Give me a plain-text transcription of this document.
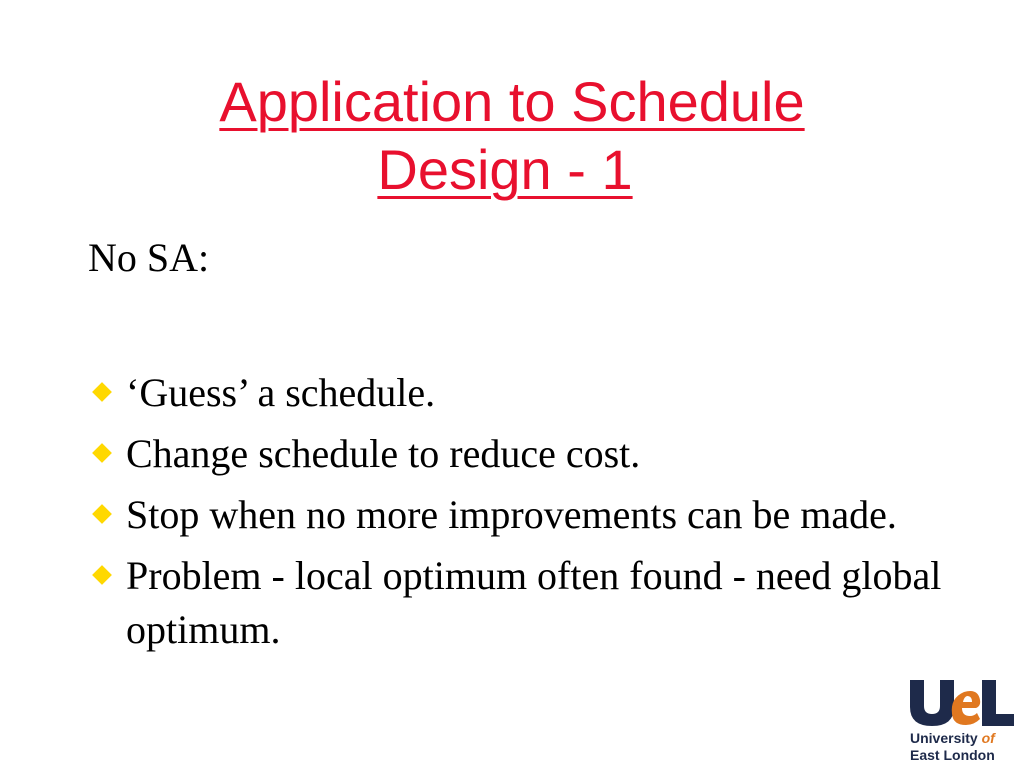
Application to Schedule
Design - 1

No SA:

‘Guess’ a schedule.
Change schedule to reduce cost.
Stop when no more improvements can be made.
Problem - local optimum often found - need global optimum.
University of
East London
